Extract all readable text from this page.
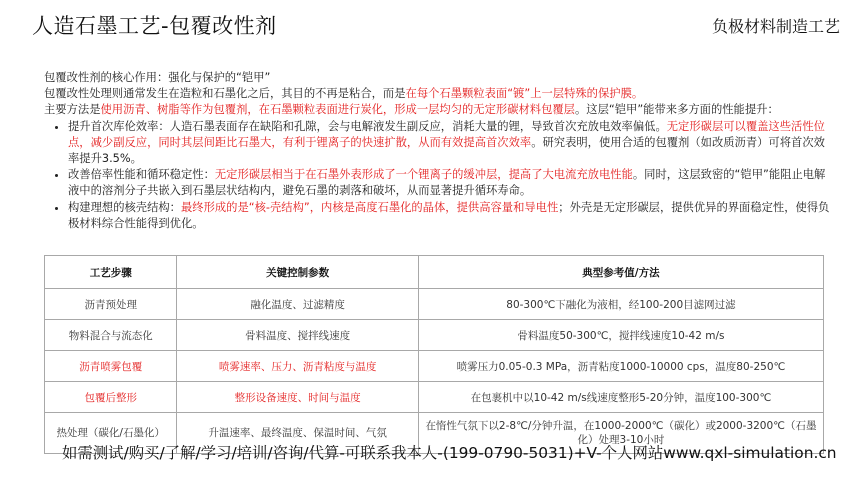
人造石墨工艺-包覆改性剂	负极材料制造工艺

包覆改性剂的核心作用：强化与保护的“铠甲”

包覆改性处理则通常发生在造粒和石墨化之后，其目的不再是粘合，而是在每个石墨颗粒表面“镀”上一层特殊的保护膜。

主要方法是使用沥青、树脂等作为包覆剂，在石墨颗粒表面进行炭化，形成一层均匀的无定形碳材料包覆层。这层“铠甲”能带来多方面的性能提升：

• 提升首次库伦效率：人造石墨表面存在缺陷和孔隙，会与电解液发生副反应，消耗大量的锂，导致首次充放电效率偏低。无定形碳层可以覆盖这些活性位点，减少副反应，同时其层间距比石墨大，有利于锂离子的快速扩散，从而有效提高首次效率。研究表明，使用合适的包覆剂（如改质沥青）可将首次效率提升3.5%。
• 改善倍率性能和循环稳定性：无定形碳层相当于在石墨外表形成了一个锂离子的缓冲层，提高了大电流充放电性能。同时，这层致密的“铠甲”能阻止电解液中的溶剂分子共嵌入到石墨层状结构内，避免石墨的剥落和破坏，从而显著提升循环寿命。
• 构建理想的核壳结构：最终形成的是“核-壳结构”，内核是高度石墨化的晶体，提供高容量和导电性；外壳是无定形碳层，提供优异的界面稳定性，使得负极材料综合性能得到优化。
工艺步骤	关键控制参数	典型参考值/方法
沥青预处理	融化温度、过滤精度	80-300℃下融化为液相，经100-200目滤网过滤
物料混合与流态化	骨料温度、搅拌线速度	骨料温度50-300℃，搅拌线速度10-42 m/s
沥青喷雾包覆	喷雾速率、压力、沥青粘度与温度	喷雾压力0.05-0.3 MPa，沥青粘度1000-10000 cps，温度80-250℃
包覆后整形	整形设备速度、时间与温度	在包裹机中以10-42 m/s线速度整形5-20分钟，温度100-300℃
热处理（碳化/石墨化）	升温速率、最终温度、保温时间、气氛	在惰性气氛下以2-8℃/分钟升温，在1000-2000℃（碳化）或2000-3200℃（石墨化）处理3-10小时
如需测试/购买/了解/学习/培训/咨询/代算-可联系我本人-(199-0790-5031)+V-个人网站www.qxl-simulation.cn
